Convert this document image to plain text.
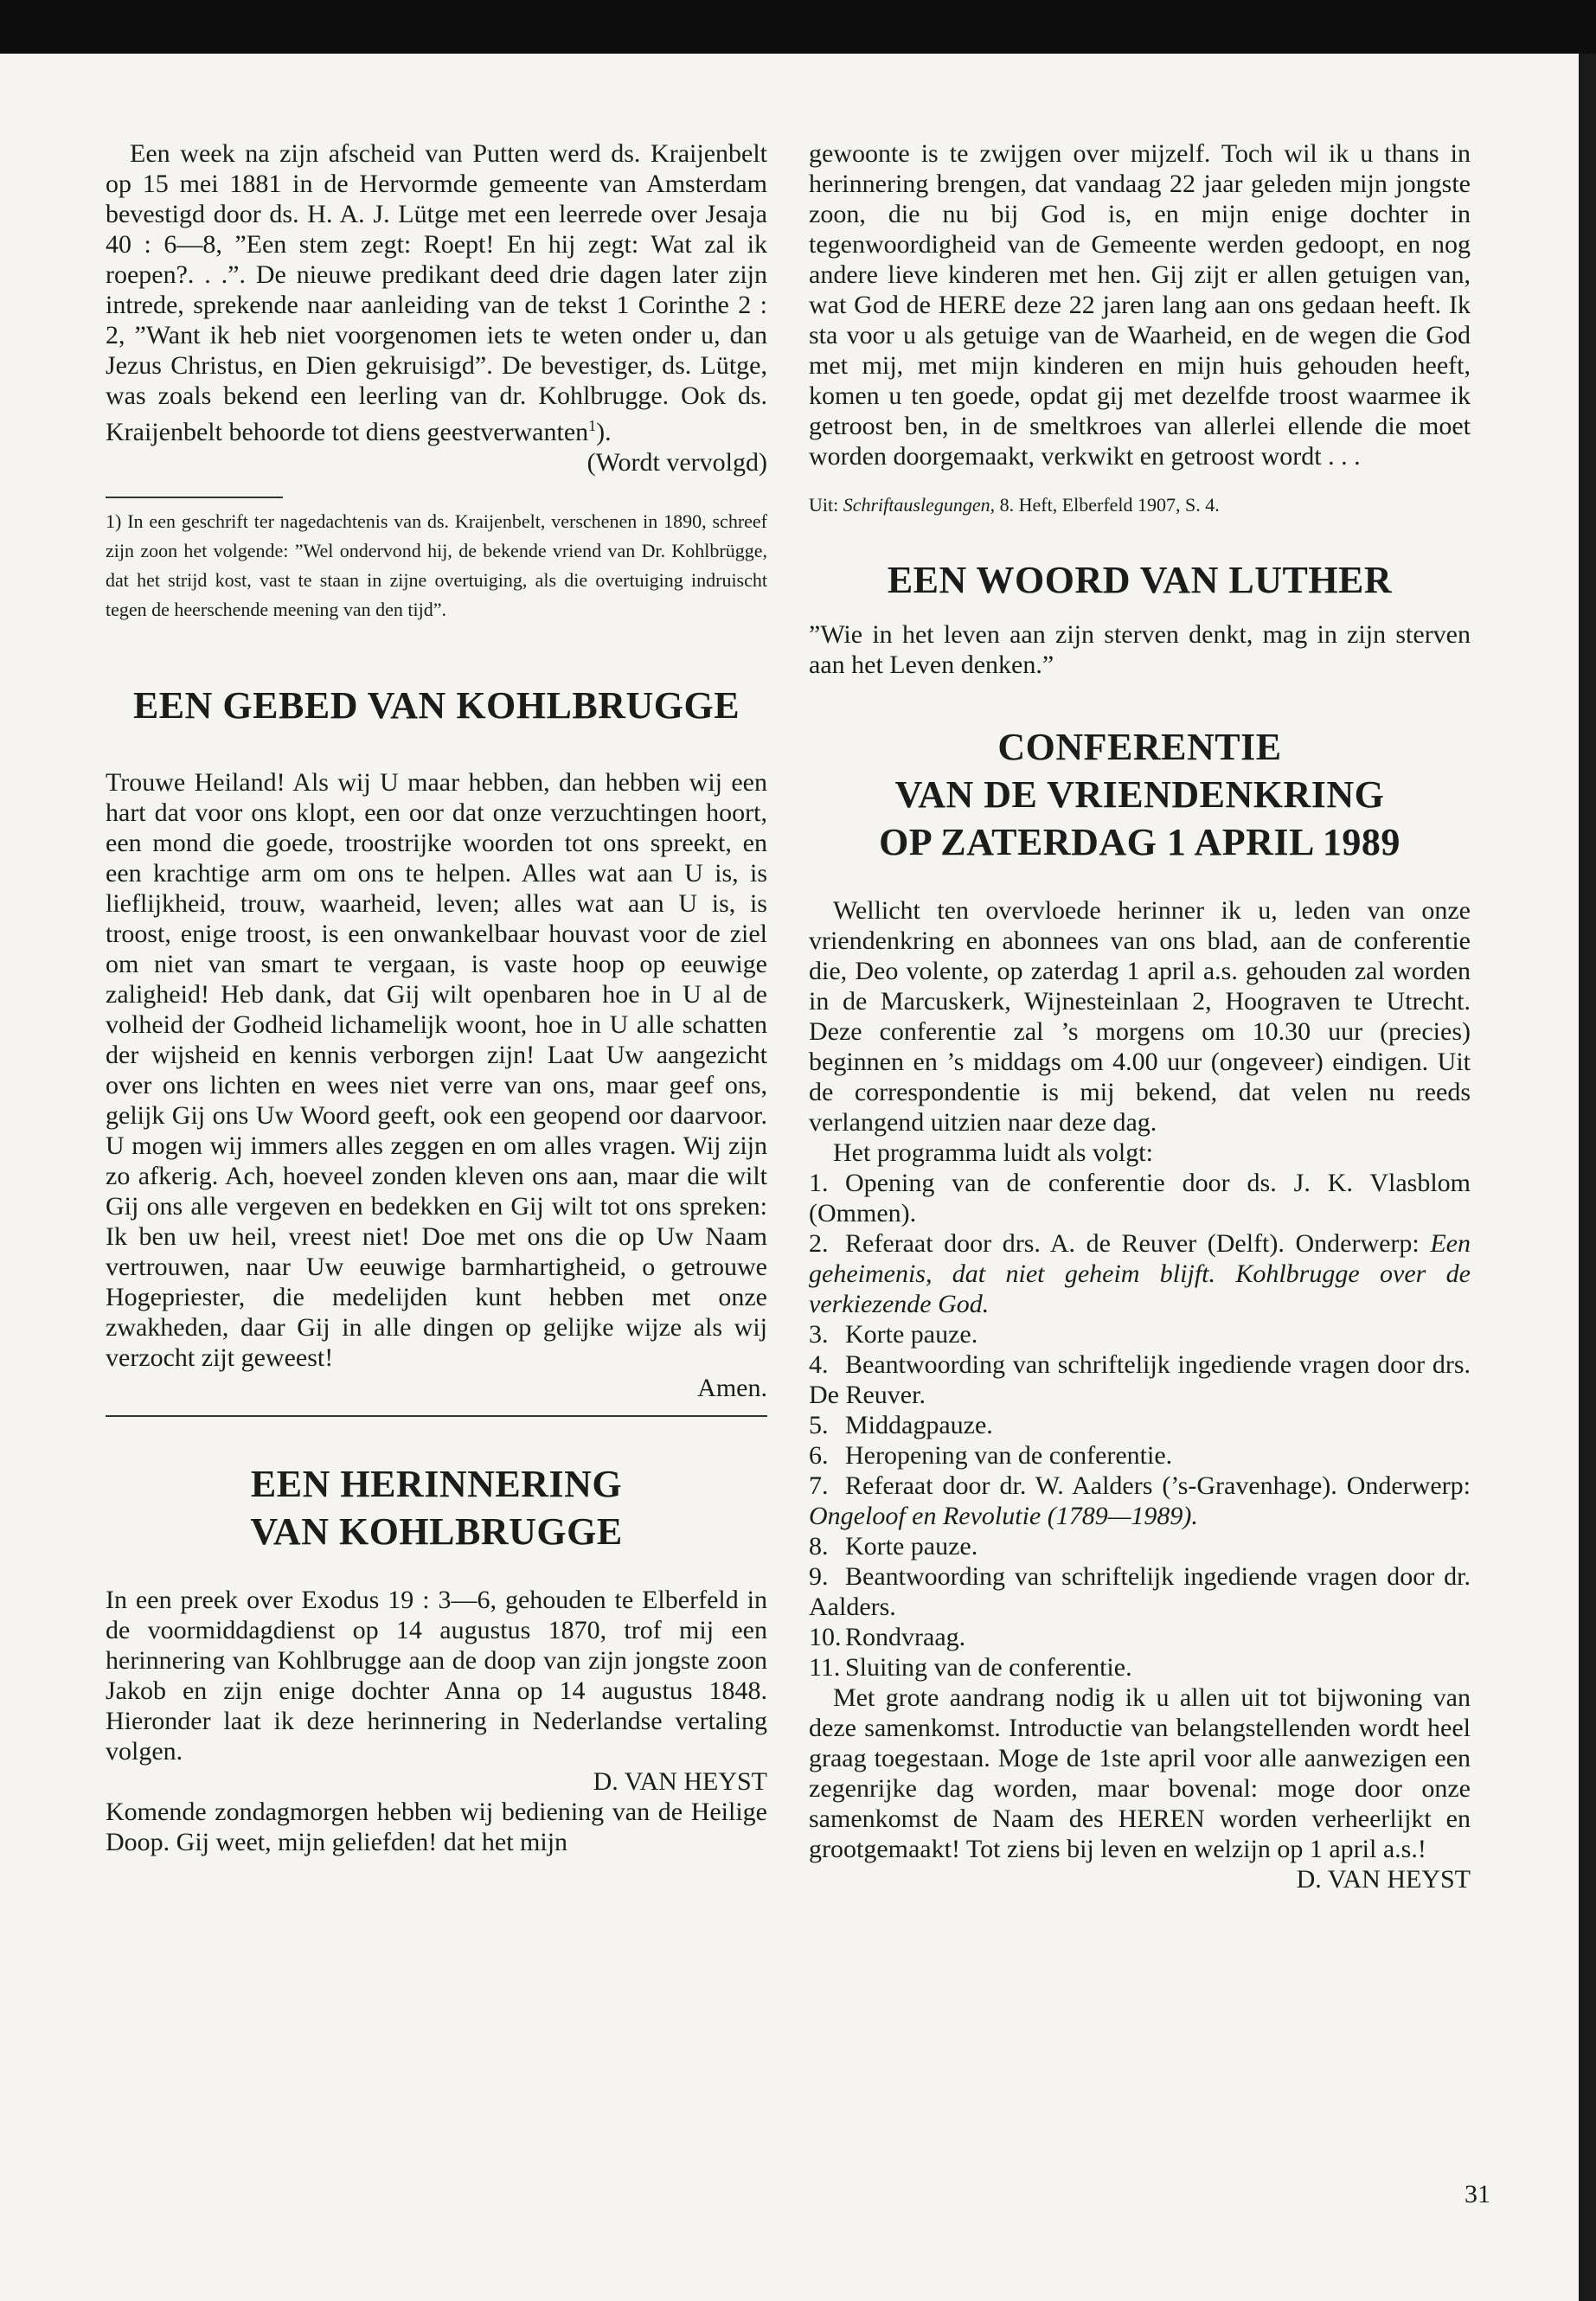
Een week na zijn afscheid van Putten werd ds. Kraijenbelt op 15 mei 1881 in de Hervormde gemeente van Amsterdam bevestigd door ds. H. A. J. Lütge met een leerrede over Jesaja 40 : 6—8, ”Een stem zegt: Roept! En hij zegt: Wat zal ik roepen?. . .”. De nieuwe predikant deed drie dagen later zijn intrede, sprekende naar aanleiding van de tekst 1 Corinthe 2 : 2, ”Want ik heb niet voorgenomen iets te weten onder u, dan Jezus Christus, en Dien gekruisigd”. De bevestiger, ds. Lütge, was zoals bekend een leerling van dr. Kohlbrugge. Ook ds. Kraijenbelt behoorde tot diens geestverwanten$^1$).

(Wordt vervolgd)

1) In een geschrift ter nagedachtenis van ds. Kraijenbelt, verschenen in 1890, schreef zijn zoon het volgende: ”Wel ondervond hij, de bekende vriend van Dr. Kohlbrügge, dat het strijd kost, vast te staan in zijne overtuiging, als die overtuiging indruischt tegen de heerschende meening van den tijd”.

EEN GEBED VAN KOHLBRUGGE

Trouwe Heiland! Als wij U maar hebben, dan hebben wij een hart dat voor ons klopt, een oor dat onze verzuchtingen hoort, een mond die goede, troostrijke woorden tot ons spreekt, en een krachtige arm om ons te helpen. Alles wat aan U is, is lieflijkheid, trouw, waarheid, leven; alles wat aan U is, is troost, enige troost, is een onwankelbaar houvast voor de ziel om niet van smart te vergaan, is vaste hoop op eeuwige zaligheid! Heb dank, dat Gij wilt openbaren hoe in U al de volheid der Godheid lichamelijk woont, hoe in U alle schatten der wijsheid en kennis verborgen zijn! Laat Uw aangezicht over ons lichten en wees niet verre van ons, maar geef ons, gelijk Gij ons Uw Woord geeft, ook een geopend oor daarvoor. U mogen wij immers alles zeggen en om alles vragen. Wij zijn zo afkerig. Ach, hoeveel zonden kleven ons aan, maar die wilt Gij ons alle vergeven en bedekken en Gij wilt tot ons spreken: Ik ben uw heil, vreest niet! Doe met ons die op Uw Naam vertrouwen, naar Uw eeuwige barmhartigheid, o getrouwe Hogepriester, die medelijden kunt hebben met onze zwakheden, daar Gij in alle dingen op gelijke wijze als wij verzocht zijt geweest!

Amen.

EEN HERINNERING
VAN KOHLBRUGGE

In een preek over Exodus 19 : 3—6, gehouden te Elberfeld in de voormiddagdienst op 14 augustus 1870, trof mij een herinnering van Kohlbrugge aan de doop van zijn jongste zoon Jakob en zijn enige dochter Anna op 14 augustus 1848. Hieronder laat ik deze herinnering in Nederlandse vertaling volgen.

D. VAN HEYST

Komende zondagmorgen hebben wij bediening van de Heilige Doop. Gij weet, mijn geliefden! dat het mijn

gewoonte is te zwijgen over mijzelf. Toch wil ik u thans in herinnering brengen, dat vandaag 22 jaar geleden mijn jongste zoon, die nu bij God is, en mijn enige dochter in tegenwoordigheid van de Gemeente werden gedoopt, en nog andere lieve kinderen met hen. Gij zijt er allen getuigen van, wat God de HERE deze 22 jaren lang aan ons gedaan heeft. Ik sta voor u als getuige van de Waarheid, en de wegen die God met mij, met mijn kinderen en mijn huis gehouden heeft, komen u ten goede, opdat gij met dezelfde troost waarmee ik getroost ben, in de smeltkroes van allerlei ellende die moet worden doorgemaakt, verkwikt en getroost wordt . . .

Uit: Schriftauslegungen, 8. Heft, Elberfeld 1907, S. 4.

EEN WOORD VAN LUTHER

”Wie in het leven aan zijn sterven denkt, mag in zijn sterven aan het Leven denken.”

CONFERENTIE
VAN DE VRIENDENKRING
OP ZATERDAG 1 APRIL 1989

Wellicht ten overvloede herinner ik u, leden van onze vriendenkring en abonnees van ons blad, aan de conferentie die, Deo volente, op zaterdag 1 april a.s. gehouden zal worden in de Marcuskerk, Wijnesteinlaan 2, Hoograven te Utrecht. Deze conferentie zal ’s morgens om 10.30 uur (precies) beginnen en ’s middags om 4.00 uur (ongeveer) eindigen. Uit de correspondentie is mij bekend, dat velen nu reeds verlangend uitzien naar deze dag.

Het programma luidt als volgt:

1. Opening van de conferentie door ds. J. K. Vlasblom (Ommen).
2. Referaat door drs. A. de Reuver (Delft). Onderwerp: Een geheimenis, dat niet geheim blijft. Kohlbrugge over de verkiezende God.
3. Korte pauze.
4. Beantwoording van schriftelijk ingediende vragen door drs. De Reuver.
5. Middagpauze.
6. Heropening van de conferentie.
7. Referaat door dr. W. Aalders (’s-Gravenhage). Onderwerp: Ongeloof en Revolutie (1789—1989).
8. Korte pauze.
9. Beantwoording van schriftelijk ingediende vragen door dr. Aalders.
10. Rondvraag.
11. Sluiting van de conferentie.

Met grote aandrang nodig ik u allen uit tot bijwoning van deze samenkomst. Introductie van belangstellenden wordt heel graag toegestaan. Moge de 1ste april voor alle aanwezigen een zegenrijke dag worden, maar bovenal: moge door onze samenkomst de Naam des HEREN worden verheerlijkt en grootgemaakt! Tot ziens bij leven en welzijn op 1 april a.s.!

D. VAN HEYST

31
